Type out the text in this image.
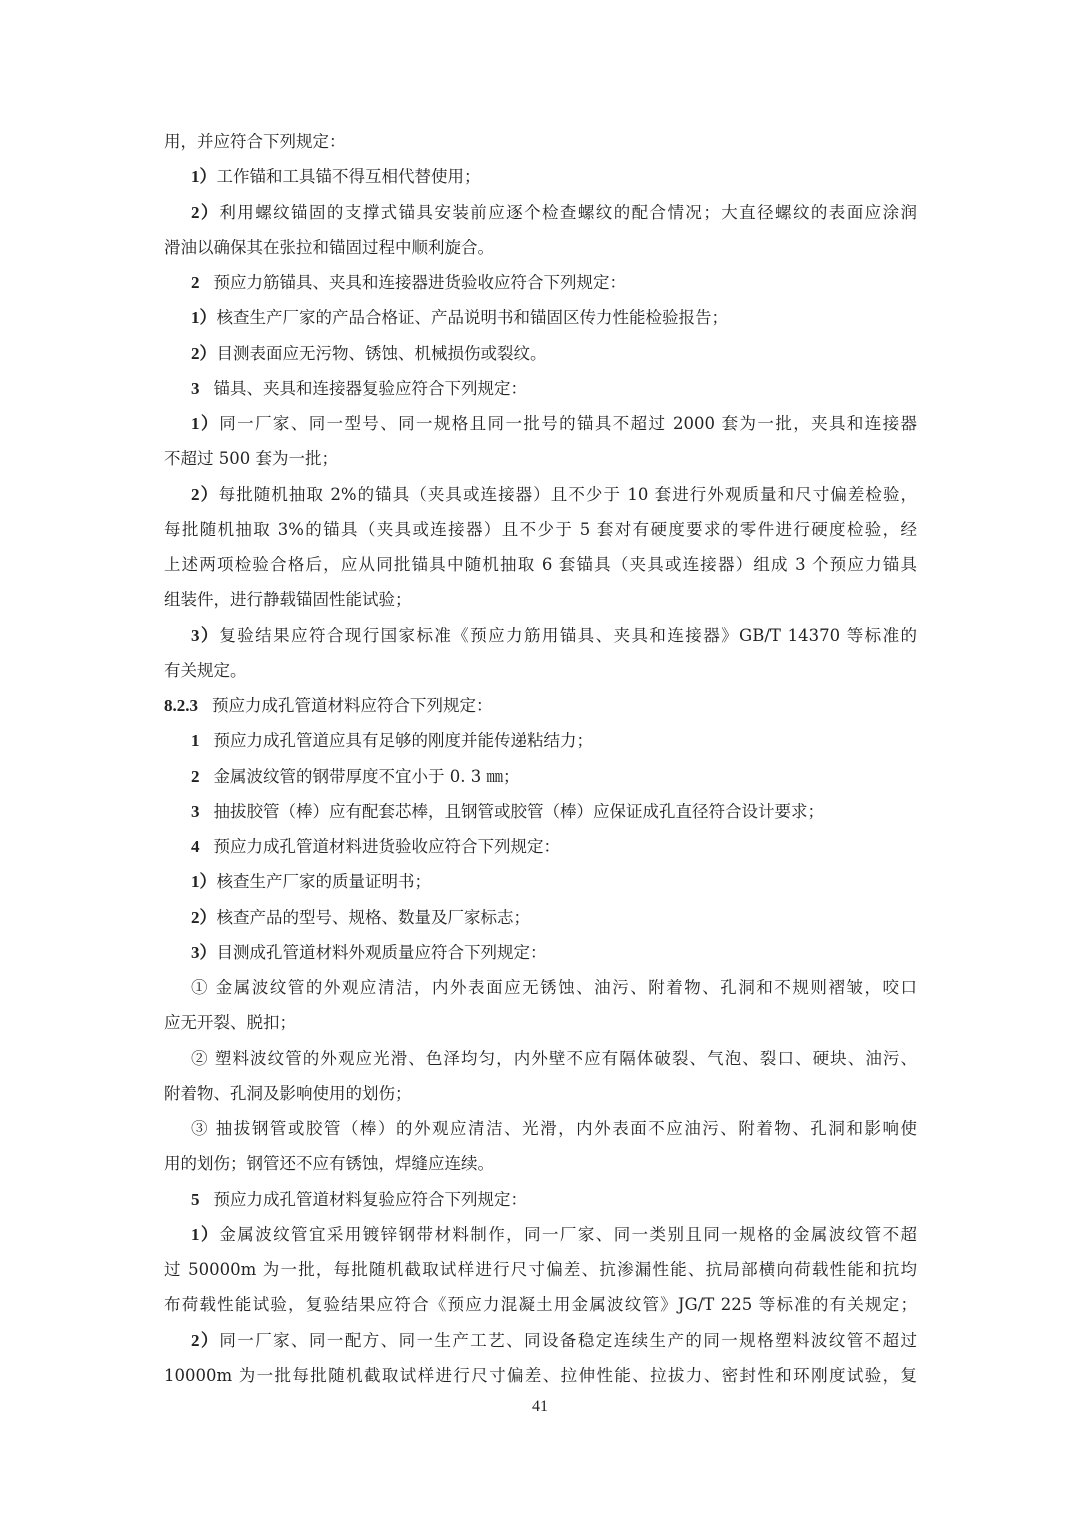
41
用，并应符合下列规定：
1）工作锚和工具锚不得互相代替使用；
2）利用螺纹锚固的支撑式锚具安装前应逐个检查螺纹的配合情况；大直径螺纹的表面应涂润
滑油以确保其在张拉和锚固过程中顺利旋合。
2 预应力筋锚具、夹具和连接器进货验收应符合下列规定：
1）核查生产厂家的产品合格证、产品说明书和锚固区传力性能检验报告；
2）目测表面应无污物、锈蚀、机械损伤或裂纹。
3 锚具、夹具和连接器复验应符合下列规定：
1）同一厂家、同一型号、同一规格且同一批号的锚具不超过 2000 套为一批，夹具和连接器
不超过 500 套为一批；
2）每批随机抽取 2%的锚具（夹具或连接器）且不少于 10 套进行外观质量和尺寸偏差检验，
每批随机抽取 3%的锚具（夹具或连接器）且不少于 5 套对有硬度要求的零件进行硬度检验，经
上述两项检验合格后，应从同批锚具中随机抽取 6 套锚具（夹具或连接器）组成 3 个预应力锚具
组装件，进行静载锚固性能试验；
3）复验结果应符合现行国家标准《预应力筋用锚具、夹具和连接器》GB/T 14370 等标准的
有关规定。
8.2.3 预应力成孔管道材料应符合下列规定：
1 预应力成孔管道应具有足够的刚度并能传递粘结力；
2 金属波纹管的钢带厚度不宜小于 0. 3 ㎜；
3 抽拔胶管（棒）应有配套芯棒，且钢管或胶管（棒）应保证成孔直径符合设计要求；
4 预应力成孔管道材料进货验收应符合下列规定：
1）核查生产厂家的质量证明书；
2）核查产品的型号、规格、数量及厂家标志；
3）目测成孔管道材料外观质量应符合下列规定：
① 金属波纹管的外观应清洁，内外表面应无锈蚀、油污、附着物、孔洞和不规则褶皱，咬口
应无开裂、脱扣；
② 塑料波纹管的外观应光滑、色泽均匀，内外壁不应有隔体破裂、气泡、裂口、硬块、油污、
附着物、孔洞及影响使用的划伤；
③ 抽拔钢管或胶管（棒）的外观应清洁、光滑，内外表面不应油污、附着物、孔洞和影响使
用的划伤；钢管还不应有锈蚀，焊缝应连续。
5 预应力成孔管道材料复验应符合下列规定：
1）金属波纹管宜采用镀锌钢带材料制作，同一厂家、同一类别且同一规格的金属波纹管不超
过 50000m 为一批，每批随机截取试样进行尺寸偏差、抗渗漏性能、抗局部横向荷载性能和抗均
布荷载性能试验，复验结果应符合《预应力混凝土用金属波纹管》JG/T 225 等标准的有关规定；
2）同一厂家、同一配方、同一生产工艺、同设备稳定连续生产的同一规格塑料波纹管不超过
10000m 为一批每批随机截取试样进行尺寸偏差、拉伸性能、拉拔力、密封性和环刚度试验，复
